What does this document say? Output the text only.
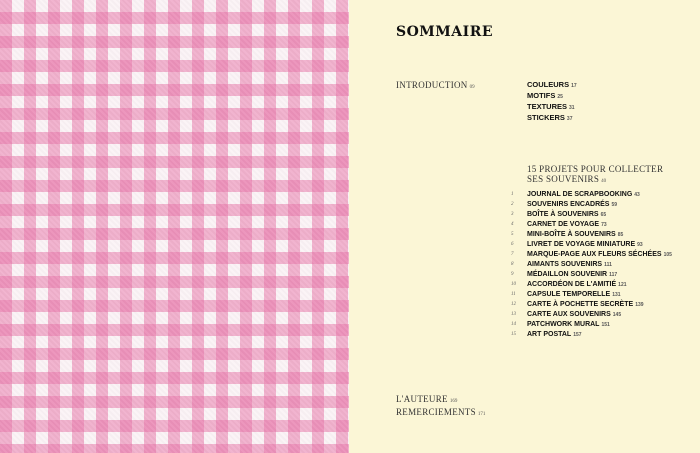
SOMMAIRE
INTRODUCTION 09	COULEURS 17
MOTIFS 25
TEXTURES 31
STICKERS 37
15 PROJETS POUR COLLECTER
SES SOUVENIRS 40
1	JOURNAL DE SCRAPBOOKING 43
2	SOUVENIRS ENCADRÉS 59
3	BOÎTE À SOUVENIRS 65
4	CARNET DE VOYAGE 73
5	MINI-BOÎTE À SOUVENIRS 85
6	LIVRET DE VOYAGE MINIATURE 93
7	MARQUE-PAGE AUX FLEURS SÉCHÉES 105
8	AIMANTS SOUVENIRS 111
9	MÉDAILLON SOUVENIR 117
10	ACCORDÉON DE L'AMITIÉ 121
11	CAPSULE TEMPORELLE 131
12	CARTE À POCHETTE SECRÈTE 139
13	CARTE AUX SOUVENIRS 145
14	PATCHWORK MURAL 151
15	ART POSTAL 157
L'AUTEURE 169
REMERCIEMENTS 171
